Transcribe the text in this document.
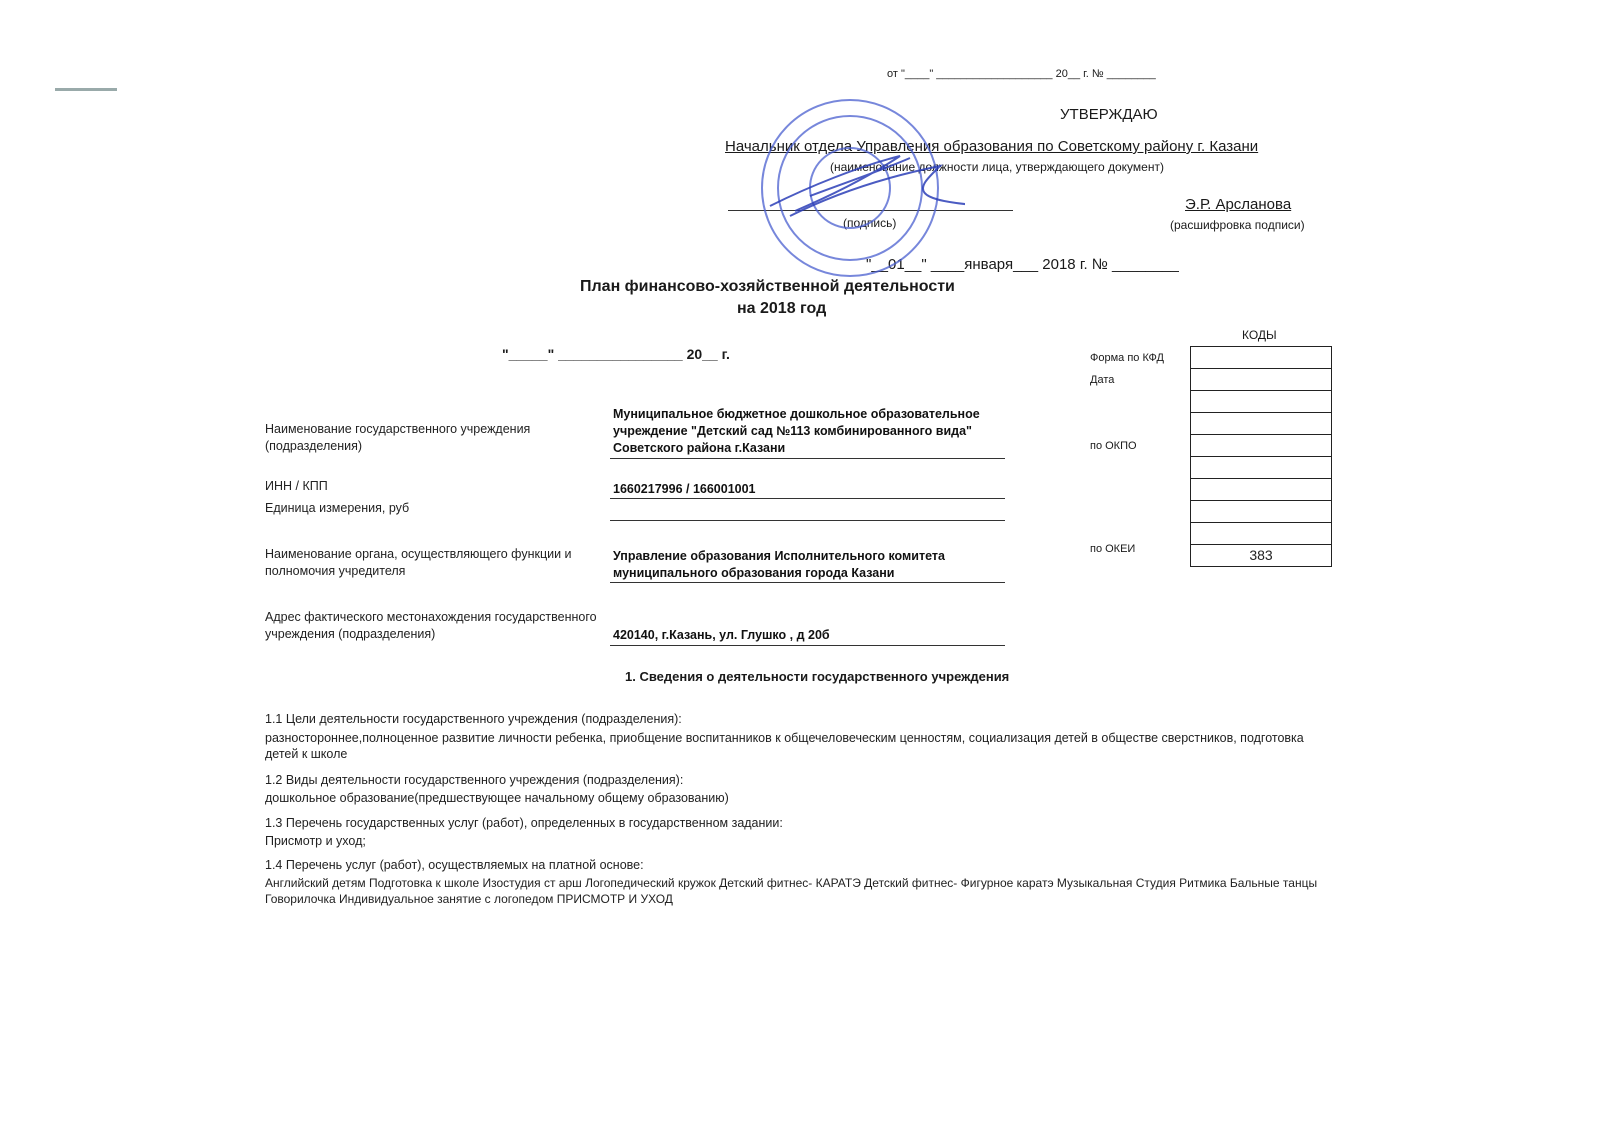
от "____" ___________________ 20__ г. № ________
УТВЕРЖДАЮ
Начальник отдела Управления образования по Советскому району г. Казани
(наименование должности лица, утверждающего документ)
(подпись)
Э.Р. Арсланова
(расшифровка подписи)
"__01__" ____января___ 2018 г. № ________
План финансово-хозяйственной деятельности
на 2018 год
"_____" ________________ 20__ г.
КОДЫ
Форма по КФД
Дата
по ОКПО
по ОКЕИ	383
Наименование государственного учреждения (подразделения)
Муниципальное бюджетное дошкольное образовательное учреждение "Детский сад №113 комбинированного вида" Советского района г.Казани
ИНН / КПП	1660217996 / 166001001
Единица измерения, руб
Наименование органа, осуществляющего функции и полномочия учредителя
Управление образования Исполнительного комитета муниципального образования города Казани
Адрес фактического местонахождения государственного учреждения (подразделения)	420140, г.Казань, ул. Глушко , д 20б
1. Сведения о деятельности государственного учреждения
1.1 Цели деятельности государственного учреждения (подразделения):
разностороннее,полноценное развитие личности ребенка, приобщение воспитанников к общечеловеческим ценностям, социализация детей в обществе сверстников, подготовка детей к школе
1.2 Виды деятельности государственного учреждения (подразделения):
дошкольное образование(предшествующее начальному общему образованию)
1.3 Перечень государственных услуг (работ), определенных в государственном задании:
Присмотр и уход;
1.4 Перечень услуг (работ), осуществляемых на платной основе:
Английский детям Подготовка к школе Изостудия ст арш Логопедический кружок Детский фитнес- КАРАТЭ Детский фитнес- Фигурное каратэ Музыкальная Студия Ритмика Бальные танцы Говорилочка Индивидуальное занятие с логопедом ПРИСМОТР И УХОД
